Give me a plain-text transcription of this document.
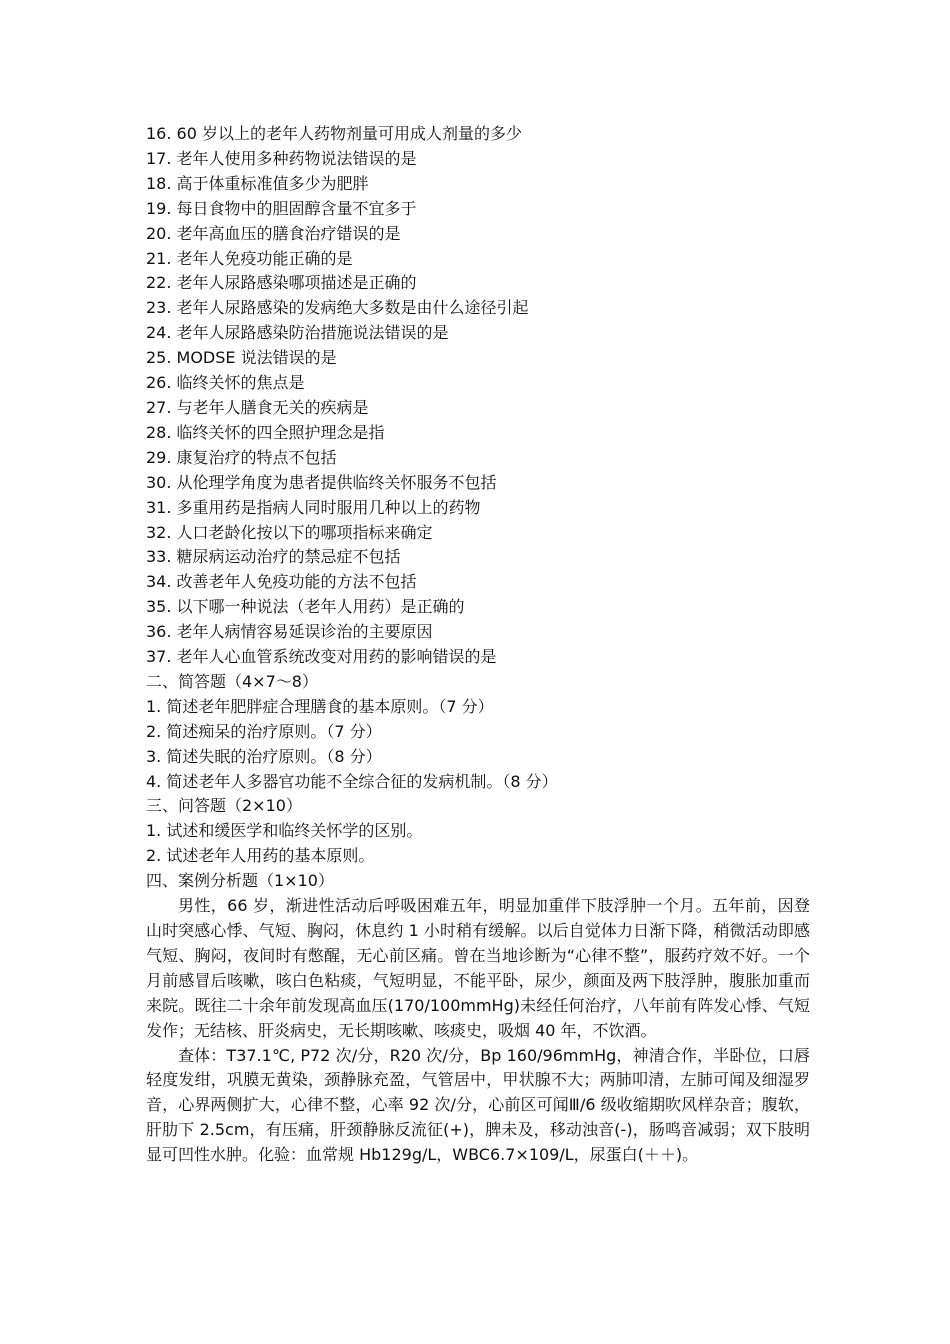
16. 60 岁以上的老年人药物剂量可用成人剂量的多少
17. 老年人使用多种药物说法错误的是
18. 高于体重标准值多少为肥胖
19. 每日食物中的胆固醇含量不宜多于
20. 老年高血压的膳食治疗错误的是
21. 老年人免疫功能正确的是
22. 老年人尿路感染哪项描述是正确的
23. 老年人尿路感染的发病绝大多数是由什么途径引起
24. 老年人尿路感染防治措施说法错误的是
25. MODSE 说法错误的是
26. 临终关怀的焦点是
27. 与老年人膳食无关的疾病是
28. 临终关怀的四全照护理念是指
29. 康复治疗的特点不包括
30. 从伦理学角度为患者提供临终关怀服务不包括
31. 多重用药是指病人同时服用几种以上的药物
32. 人口老龄化按以下的哪项指标来确定
33. 糖尿病运动治疗的禁忌症不包括
34. 改善老年人免疫功能的方法不包括
35. 以下哪一种说法（老年人用药）是正确的
36. 老年人病情容易延误诊治的主要原因
37. 老年人心血管系统改变对用药的影响错误的是
二、简答题（4×7～8）
1. 简述老年肥胖症合理膳食的基本原则。（7 分）
2. 简述痴呆的治疗原则。（7 分）
3. 简述失眠的治疗原则。（8 分）
4. 简述老年人多器官功能不全综合征的发病机制。（8 分）
三、问答题（2×10）
1. 试述和缓医学和临终关怀学的区别。
2. 试述老年人用药的基本原则。
四、案例分析题（1×10）
男性，66 岁，渐进性活动后呼吸困难五年，明显加重伴下肢浮肿一个月。五年前，因登山时突感心悸、气短、胸闷，休息约 1 小时稍有缓解。以后自觉体力日渐下降，稍微活动即感气短、胸闷，夜间时有憋醒，无心前区痛。曾在当地诊断为“心律不整”，服药疗效不好。一个月前感冒后咳嗽，咳白色粘痰，气短明显，不能平卧，尿少，颜面及两下肢浮肿，腹胀加重而来院。既往二十余年前发现高血压(170/100mmHg)未经任何治疗，八年前有阵发心悸、气短发作；无结核、肝炎病史，无长期咳嗽、咳痰史，吸烟 40 年，不饮酒。
查体：T37.1℃, P72 次/分，R20 次/分，Bp 160/96mmHg，神清合作，半卧位，口唇轻度发绀，巩膜无黄染，颈静脉充盈，气管居中，甲状腺不大；两肺叩清，左肺可闻及细湿罗音，心界两侧扩大，心律不整，心率 92 次/分，心前区可闻Ⅲ/6 级收缩期吹风样杂音；腹软，肝肋下 2.5cm，有压痛，肝颈静脉反流征(+)，脾未及，移动浊音(-)，肠鸣音减弱；双下肢明显可凹性水肿。化验：血常规 Hb129g/L，WBC6.7×109/L，尿蛋白(＋＋)。
